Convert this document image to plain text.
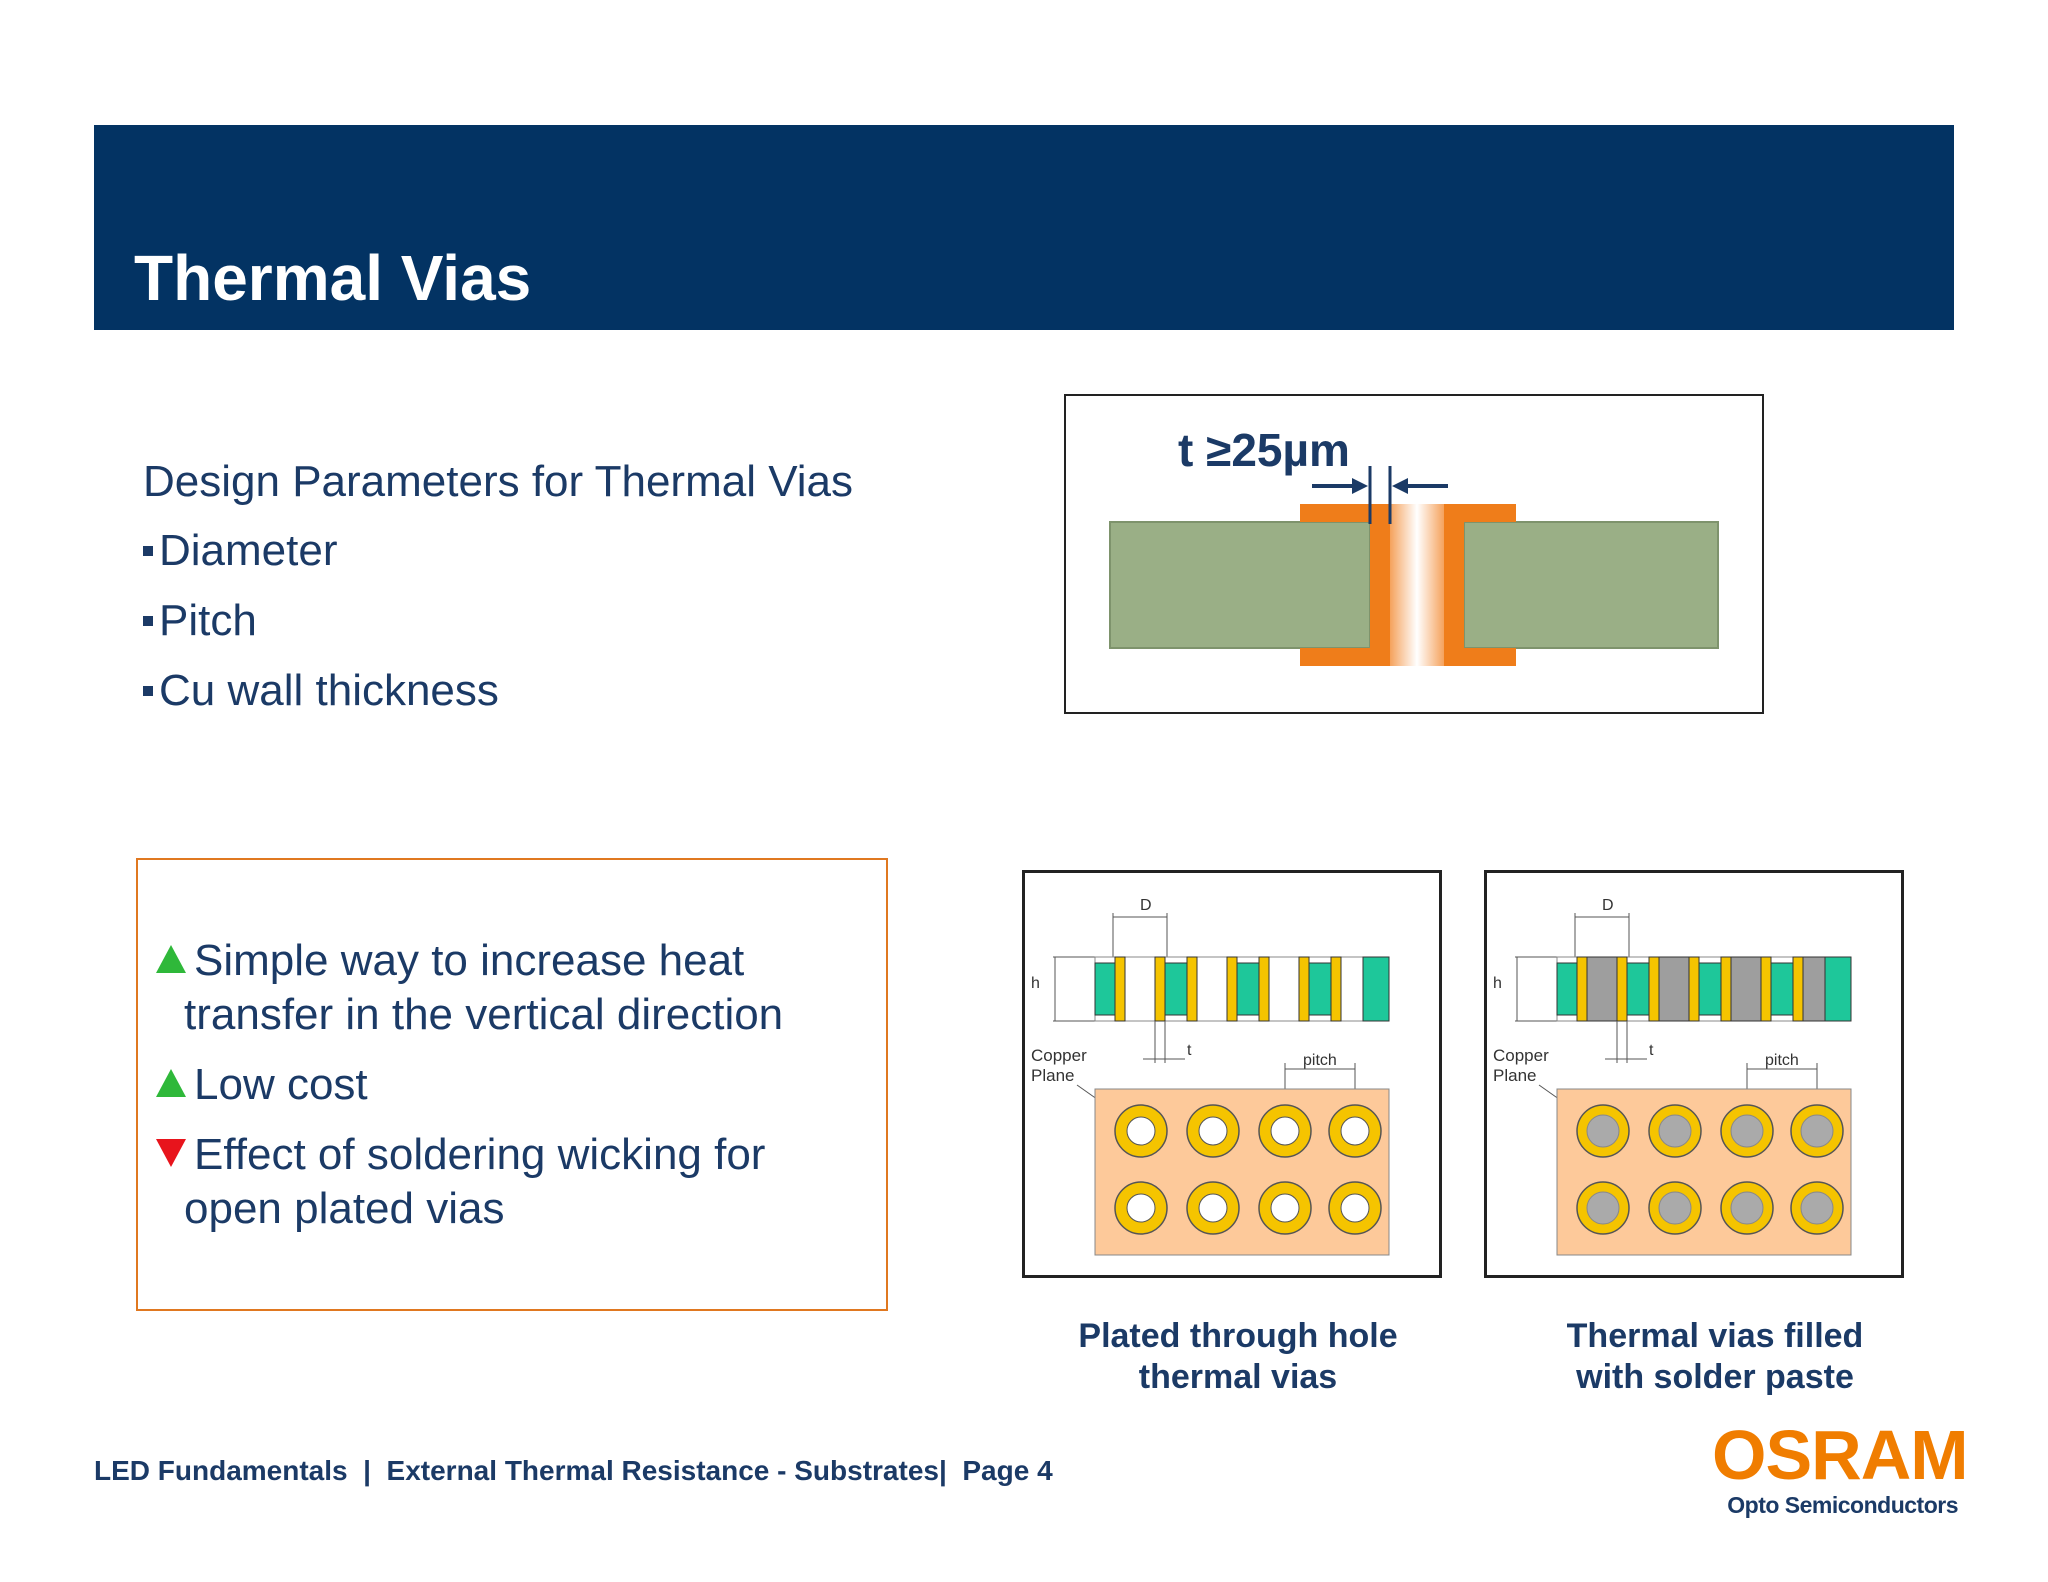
Thermal Vias
Design Parameters for Thermal Vias
Diameter
Pitch
Cu wall thickness
Simple way to increase heat
transfer in the vertical direction
Low cost
Effect of soldering wicking for
open plated vias
t ≥25µm
D
h
t
Copper
Plane
pitch
D
h
t
Copper
Plane
pitch
Plated through hole
thermal vias
Thermal vias filled
with solder paste
LED Fundamentals  |  External Thermal Resistance - Substrates|  Page 4	OSRAM
Opto Semiconductors
